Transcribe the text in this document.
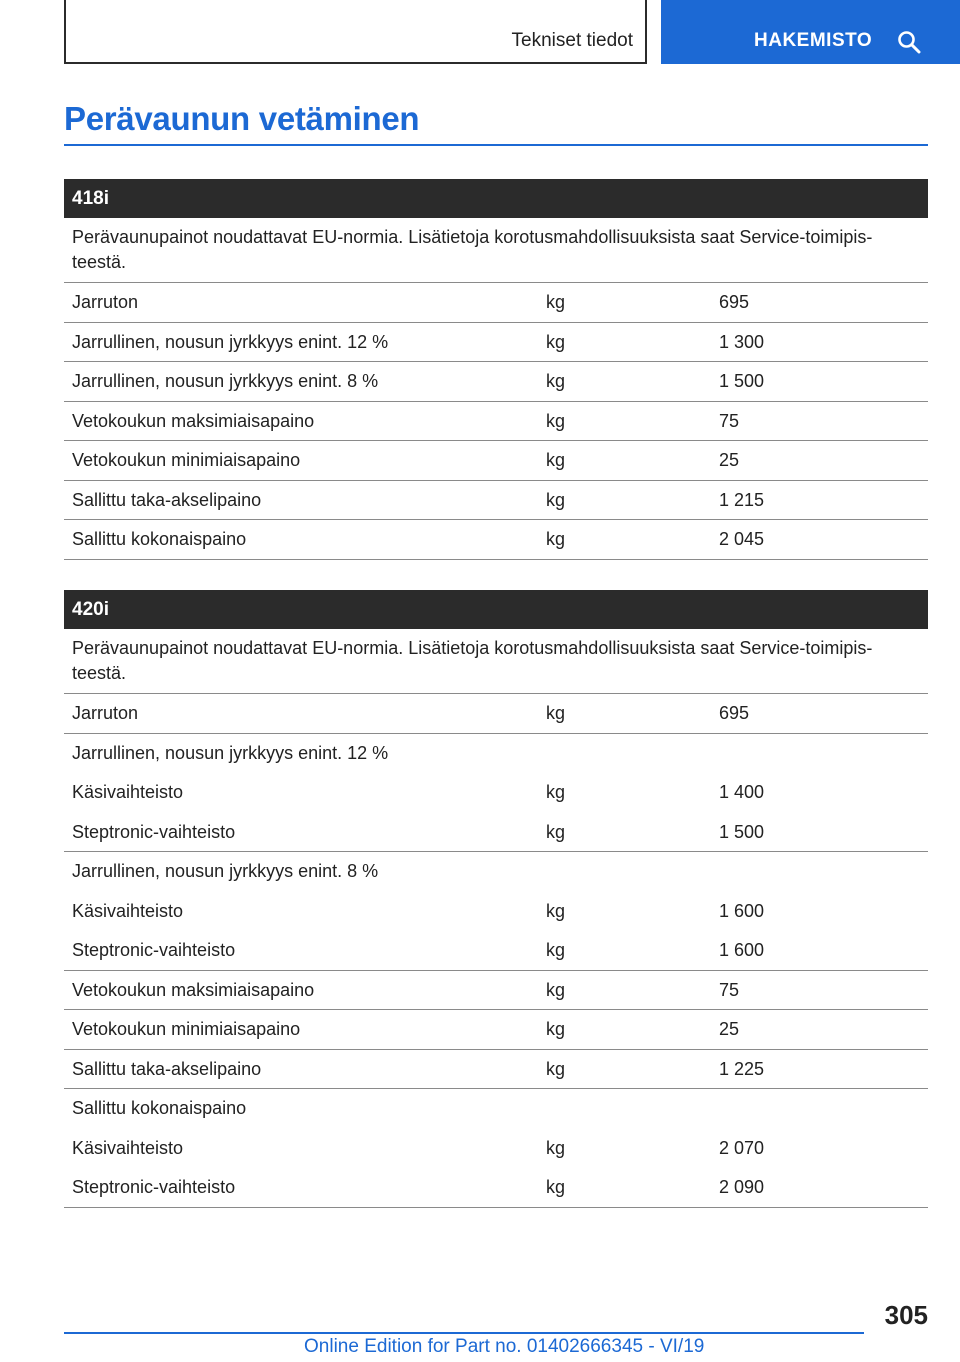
Tekniset tiedot	HAKEMISTO
Perävaunun vetäminen
418i
Perävaunupainot noudattavat EU-normia. Lisätietoja korotusmahdollisuuksista saat Service-toimipisteestä.
Jarruton	kg	695
Jarrullinen, nousun jyrkkyys enint. 12 %	kg	1 300
Jarrullinen, nousun jyrkkyys enint. 8 %	kg	1 500
Vetokoukun maksimiaisapaino	kg	75
Vetokoukun minimiaisapaino	kg	25
Sallittu taka-akselipaino	kg	1 215
Sallittu kokonaispaino	kg	2 045
420i
Perävaunupainot noudattavat EU-normia. Lisätietoja korotusmahdollisuuksista saat Service-toimipisteestä.
Jarruton	kg	695
Jarrullinen, nousun jyrkkyys enint. 12 %
Käsivaihteisto	kg	1 400
Steptronic-vaihteisto	kg	1 500
Jarrullinen, nousun jyrkkyys enint. 8 %
Käsivaihteisto	kg	1 600
Steptronic-vaihteisto	kg	1 600
Vetokoukun maksimiaisapaino	kg	75
Vetokoukun minimiaisapaino	kg	25
Sallittu taka-akselipaino	kg	1 225
Sallittu kokonaispaino
Käsivaihteisto	kg	2 070
Steptronic-vaihteisto	kg	2 090
305
Online Edition for Part no. 01402666345 - VI/19
